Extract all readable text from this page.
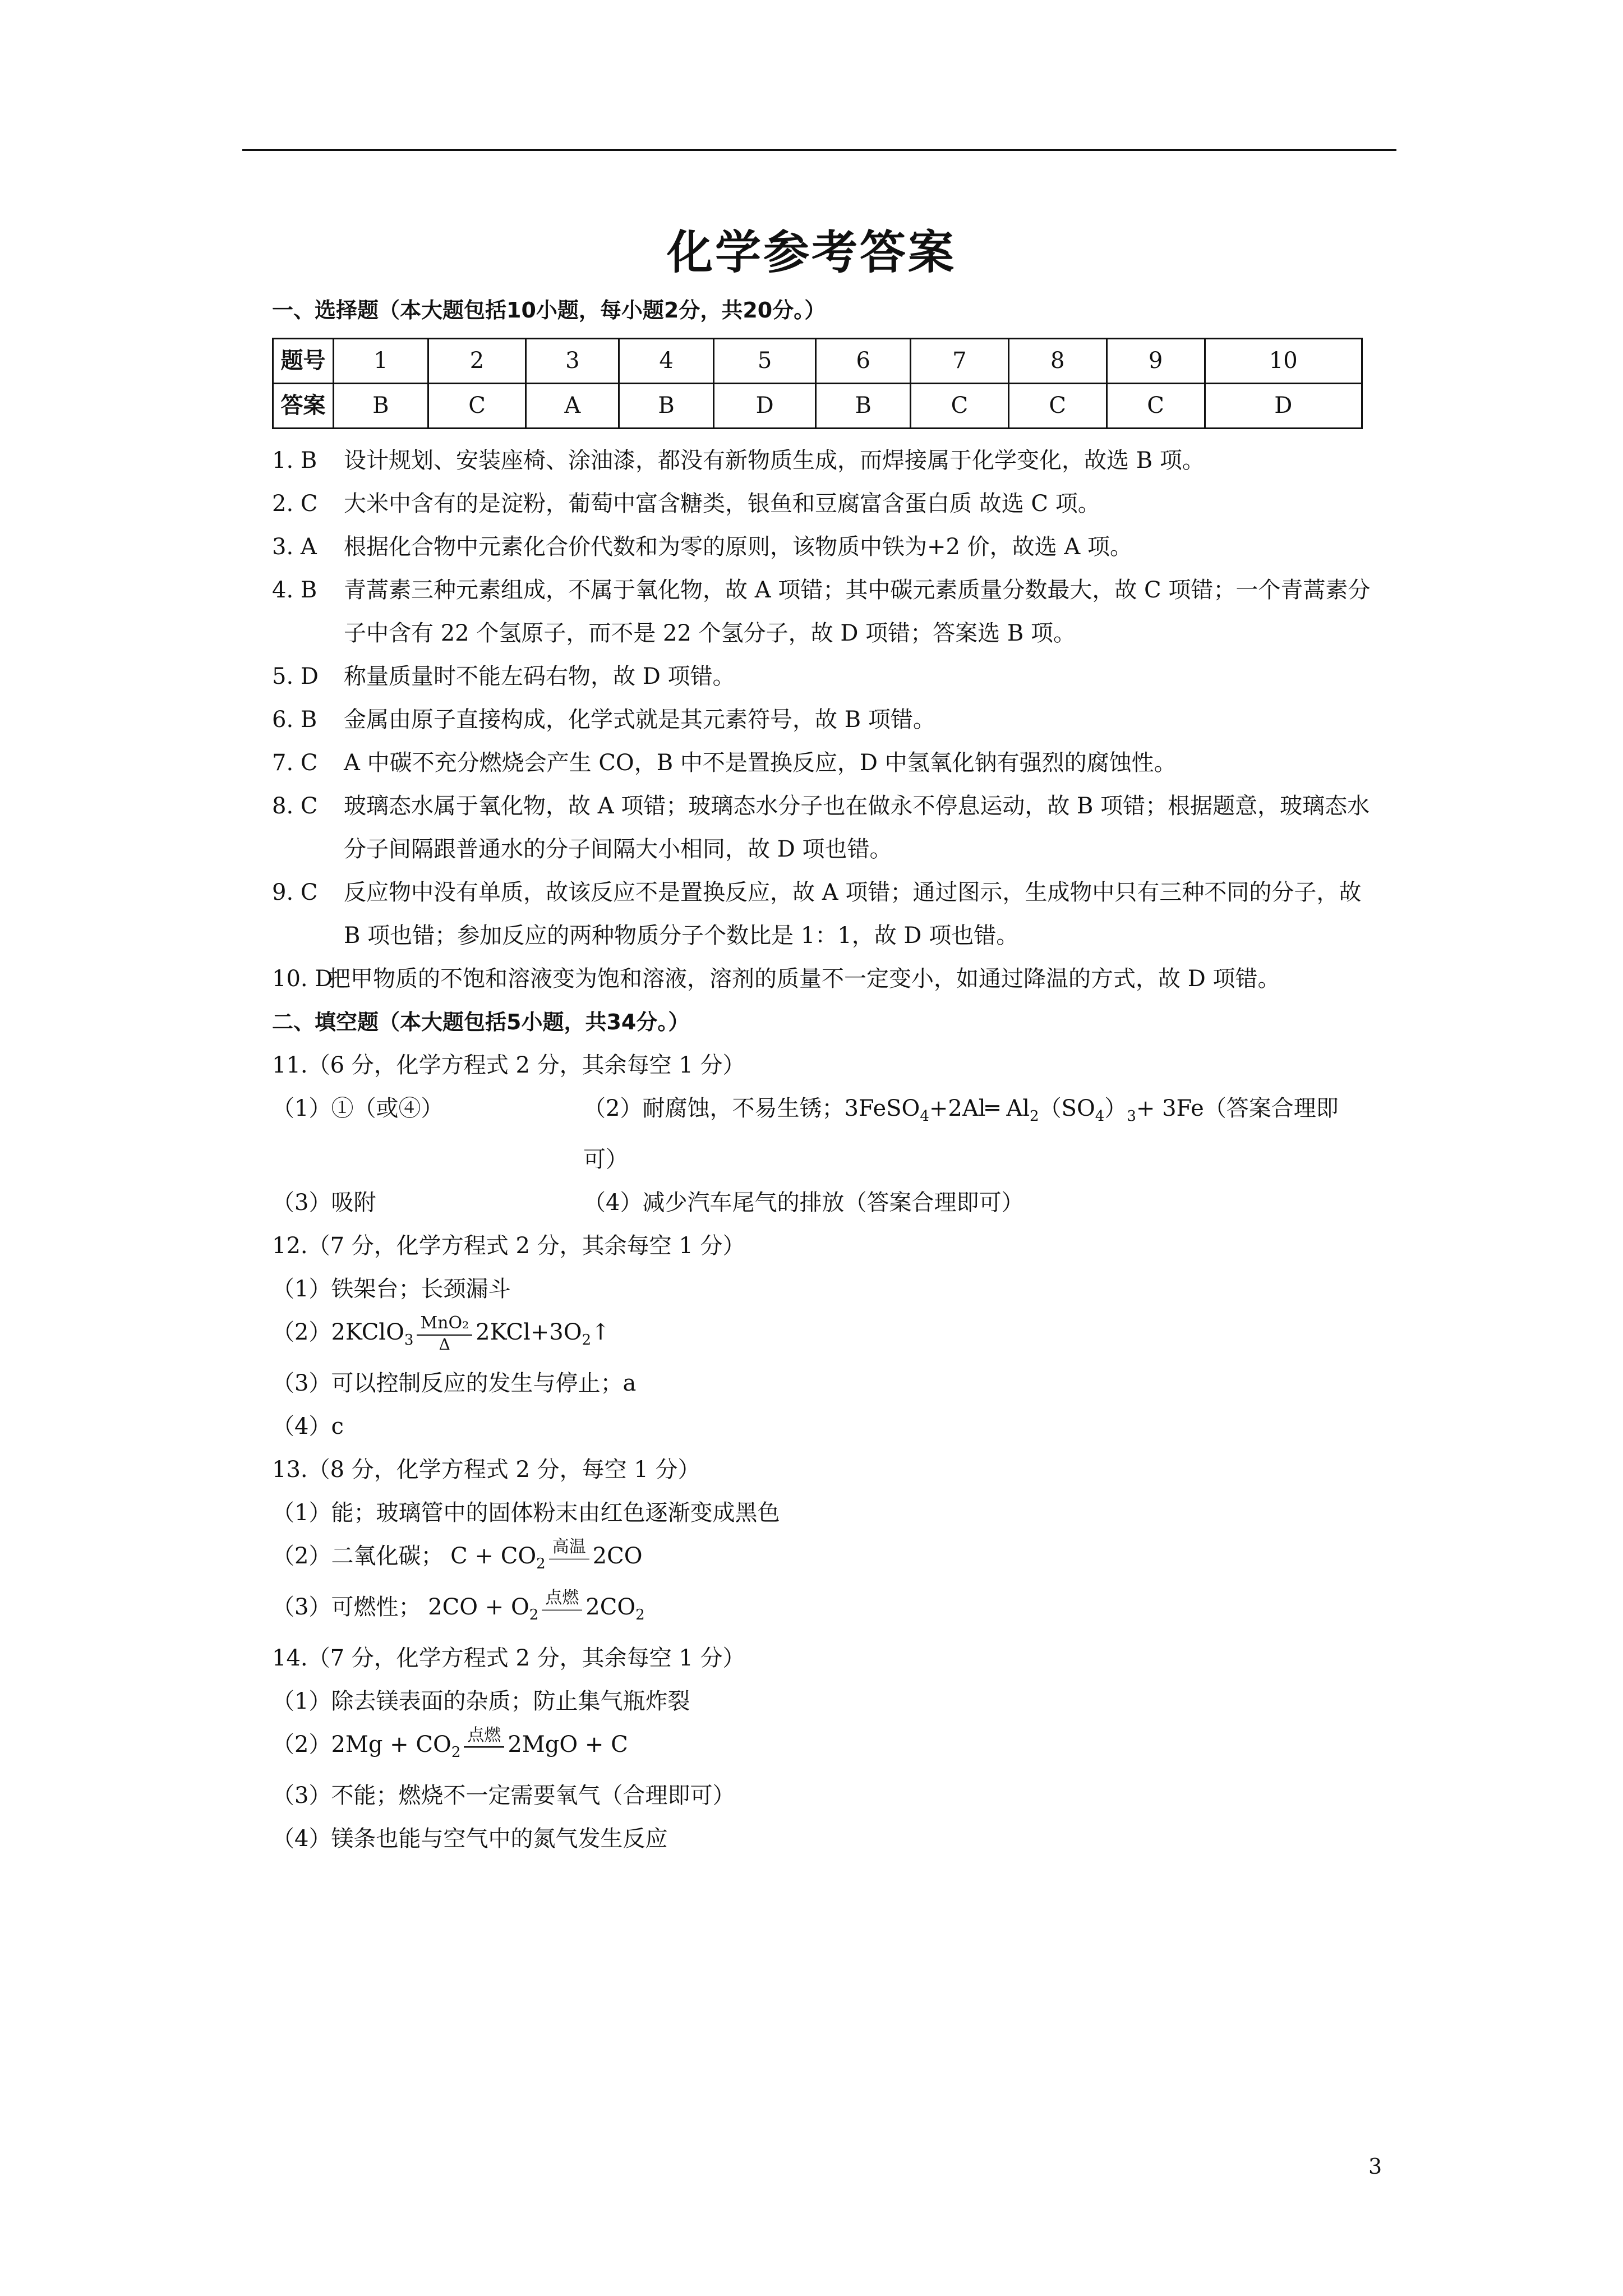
化学参考答案
一、选择题（本大题包括10小题，每小题2分，共20分。）
题号	1	2	3	4	5	6	7	8	9	10
答案	B	C	A	B	D	B	C	C	C	D
1. B	设计规划、安装座椅、涂油漆，都没有新物质生成，而焊接属于化学变化，故选 B 项。
2. C	大米中含有的是淀粉，葡萄中富含糖类，银鱼和豆腐富含蛋白质 故选 C 项。
3. A	根据化合物中元素化合价代数和为零的原则，该物质中铁为+2 价，故选 A 项。
4. B	青蒿素三种元素组成，不属于氧化物，故 A 项错；其中碳元素质量分数最大，故 C 项错；一个青蒿素分子中含有 22 个氢原子，而不是 22 个氢分子，故 D 项错；答案选 B 项。
5. D	称量质量时不能左码右物，故 D 项错。
6. B	金属由原子直接构成，化学式就是其元素符号，故 B 项错。
7. C	A 中碳不充分燃烧会产生 CO，B 中不是置换反应，D 中氢氧化钠有强烈的腐蚀性。
8. C	玻璃态水属于氧化物，故 A 项错；玻璃态水分子也在做永不停息运动，故 B 项错；根据题意，玻璃态水分子间隔跟普通水的分子间隔大小相同，故 D 项也错。
9. C	反应物中没有单质，故该反应不是置换反应，故 A 项错；通过图示，生成物中只有三种不同的分子，故 B 项也错；参加反应的两种物质分子个数比是 1：1，故 D 项也错。
10. D
把甲物质的不饱和溶液变为饱和溶液，溶剂的质量不一定变小，如通过降温的方式，故 D 项错。
二、填空题（本大题包括5小题，共34分。）
11.（6 分，化学方程式 2 分，其余每空 1 分）
（1）①（或④）	（2）耐腐蚀，不易生锈；3FeSO$_4$+2Al═ $Al_2(SO_4)_3+ 3Fe$（答案合理即可）
（3）吸附	（4）减少汽车尾气的排放（答案合理即可）
12.（7 分，化学方程式 2 分，其余每空 1 分）
（1）铁架台；长颈漏斗
（2）2KClO$_3$ $\frac{\text{MnO₂}}{\Delta}$ $2KCl+3O_2↑$
（3）可以控制反应的发生与停止；a
（4）c
13.（8 分，化学方程式 2 分，每空 1 分）
（1）能；玻璃管中的固体粉末由红色逐渐变成黑色
（2）二氧化碳； $C + CO_2$
高温 2CO
（3）可燃性； $2CO + O_2$
点燃 $2CO_2$
14.（7 分，化学方程式 2 分，其余每空 1 分）
（1）除去镁表面的杂质；防止集气瓶炸裂
$(2)2Mg + CO_2$
点燃 2MgO + C
（3）不能；燃烧不一定需要氧气（合理即可）
（4）镁条也能与空气中的氮气发生反应
3
